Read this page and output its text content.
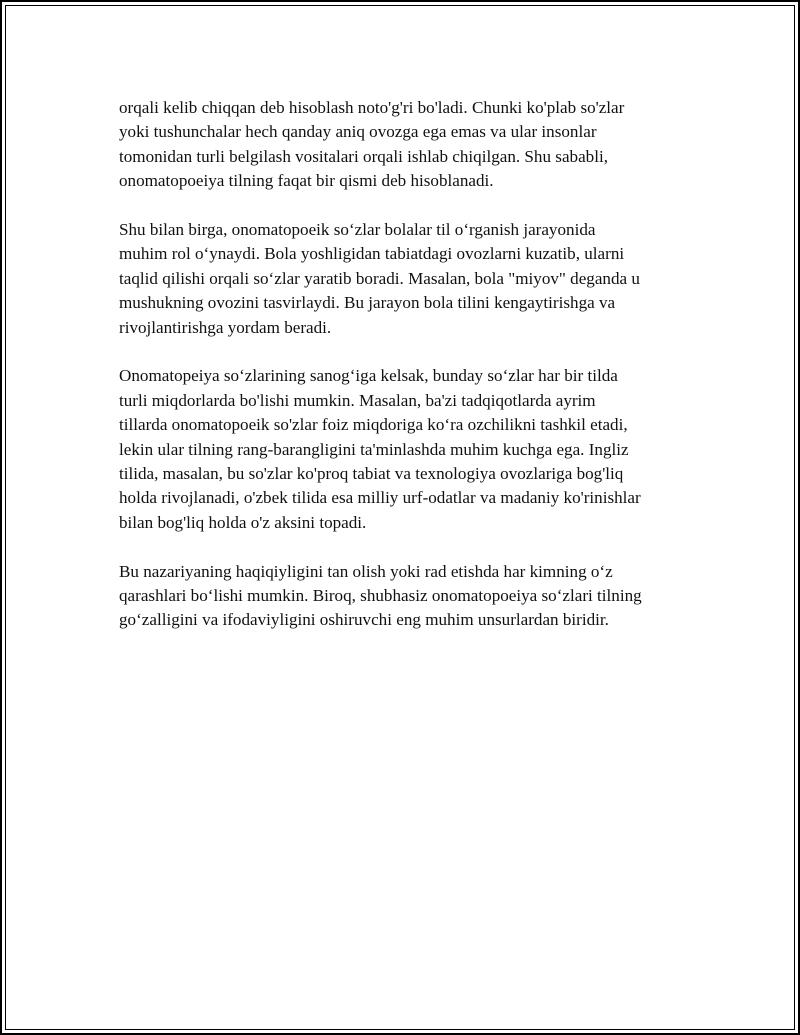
orqali kelib chiqqan deb hisoblash noto'g'ri bo'ladi. Chunki ko'plab so'zlar
yoki tushunchalar hech qanday aniq ovozga ega emas va ular insonlar
tomonidan turli belgilash vositalari orqali ishlab chiqilgan. Shu sababli,
onomatopoeiya tilning faqat bir qismi deb hisoblanadi.

Shu bilan birga, onomatopoeik so‘zlar bolalar til o‘rganish jarayonida
muhim rol o‘ynaydi. Bola yoshligidan tabiatdagi ovozlarni kuzatib, ularni
taqlid qilishi orqali so‘zlar yaratib boradi. Masalan, bola "miyov" deganda u
mushukning ovozini tasvirlaydi. Bu jarayon bola tilini kengaytirishga va
rivojlantirishga yordam beradi.

Onomatopeiya so‘zlarining sanog‘iga kelsak, bunday so‘zlar har bir tilda
turli miqdorlarda bo'lishi mumkin. Masalan, ba'zi tadqiqotlarda ayrim
tillarda onomatopoeik so'zlar foiz miqdoriga ko‘ra ozchilikni tashkil etadi,
lekin ular tilning rang-barangligini ta'minlashda muhim kuchga ega. Ingliz
tilida, masalan, bu so'zlar ko'proq tabiat va texnologiya ovozlariga bog'liq
holda rivojlanadi, o'zbek tilida esa milliy urf-odatlar va madaniy ko'rinishlar
bilan bog'liq holda o'z aksini topadi.

Bu nazariyaning haqiqiyligini tan olish yoki rad etishda har kimning o‘z
qarashlari bo‘lishi mumkin. Biroq, shubhasiz onomatopoeiya so‘zlari tilning
go‘zalligini va ifodaviyligini oshiruvchi eng muhim unsurlardan biridir.
